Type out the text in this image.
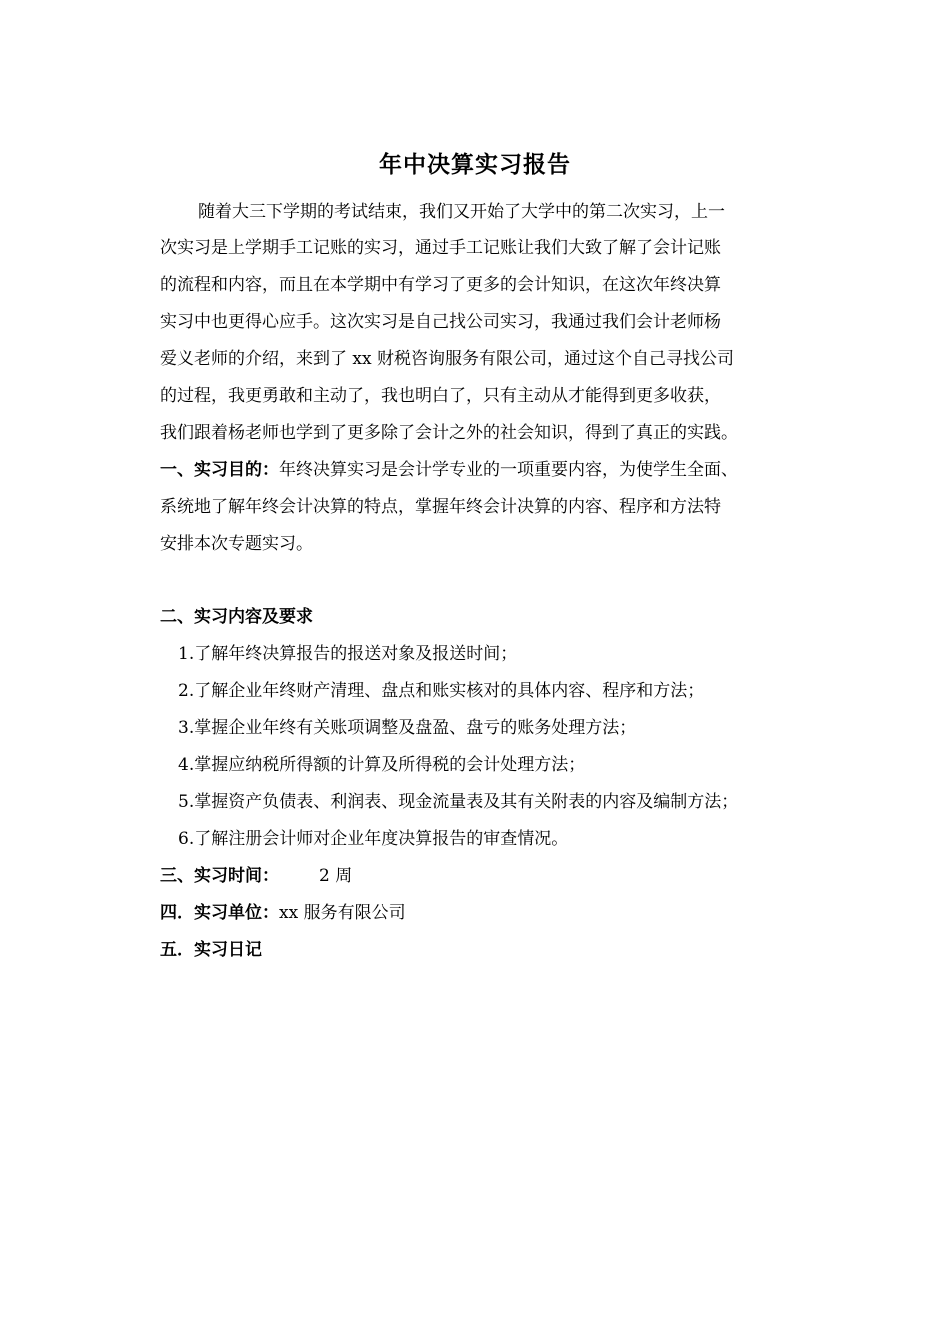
年中决算实习报告
随着大三下学期的考试结束，我们又开始了大学中的第二次实习，上一
次实习是上学期手工记账的实习，通过手工记账让我们大致了解了会计记账
的流程和内容，而且在本学期中有学习了更多的会计知识，在这次年终决算
实习中也更得心应手。这次实习是自己找公司实习，我通过我们会计老师杨
爱义老师的介绍，来到了 xx 财税咨询服务有限公司，通过这个自己寻找公司
的过程，我更勇敢和主动了，我也明白了，只有主动从才能得到更多收获，
我们跟着杨老师也学到了更多除了会计之外的社会知识，得到了真正的实践。
一、实习目的：年终决算实习是会计学专业的一项重要内容，为使学生全面、
系统地了解年终会计决算的特点，掌握年终会计决算的内容、程序和方法特
安排本次专题实习。
二、实习内容及要求
1.了解年终决算报告的报送对象及报送时间；
2.了解企业年终财产清理、盘点和账实核对的具体内容、程序和方法；
3.掌握企业年终有关账项调整及盘盈、盘亏的账务处理方法；
4.掌握应纳税所得额的计算及所得税的会计处理方法；
5.掌握资产负债表、利润表、现金流量表及其有关附表的内容及编制方法；
6.了解注册会计师对企业年度决算报告的审查情况。
三、实习时间： 2 周
四．实习单位：xx 服务有限公司
五．实习日记
